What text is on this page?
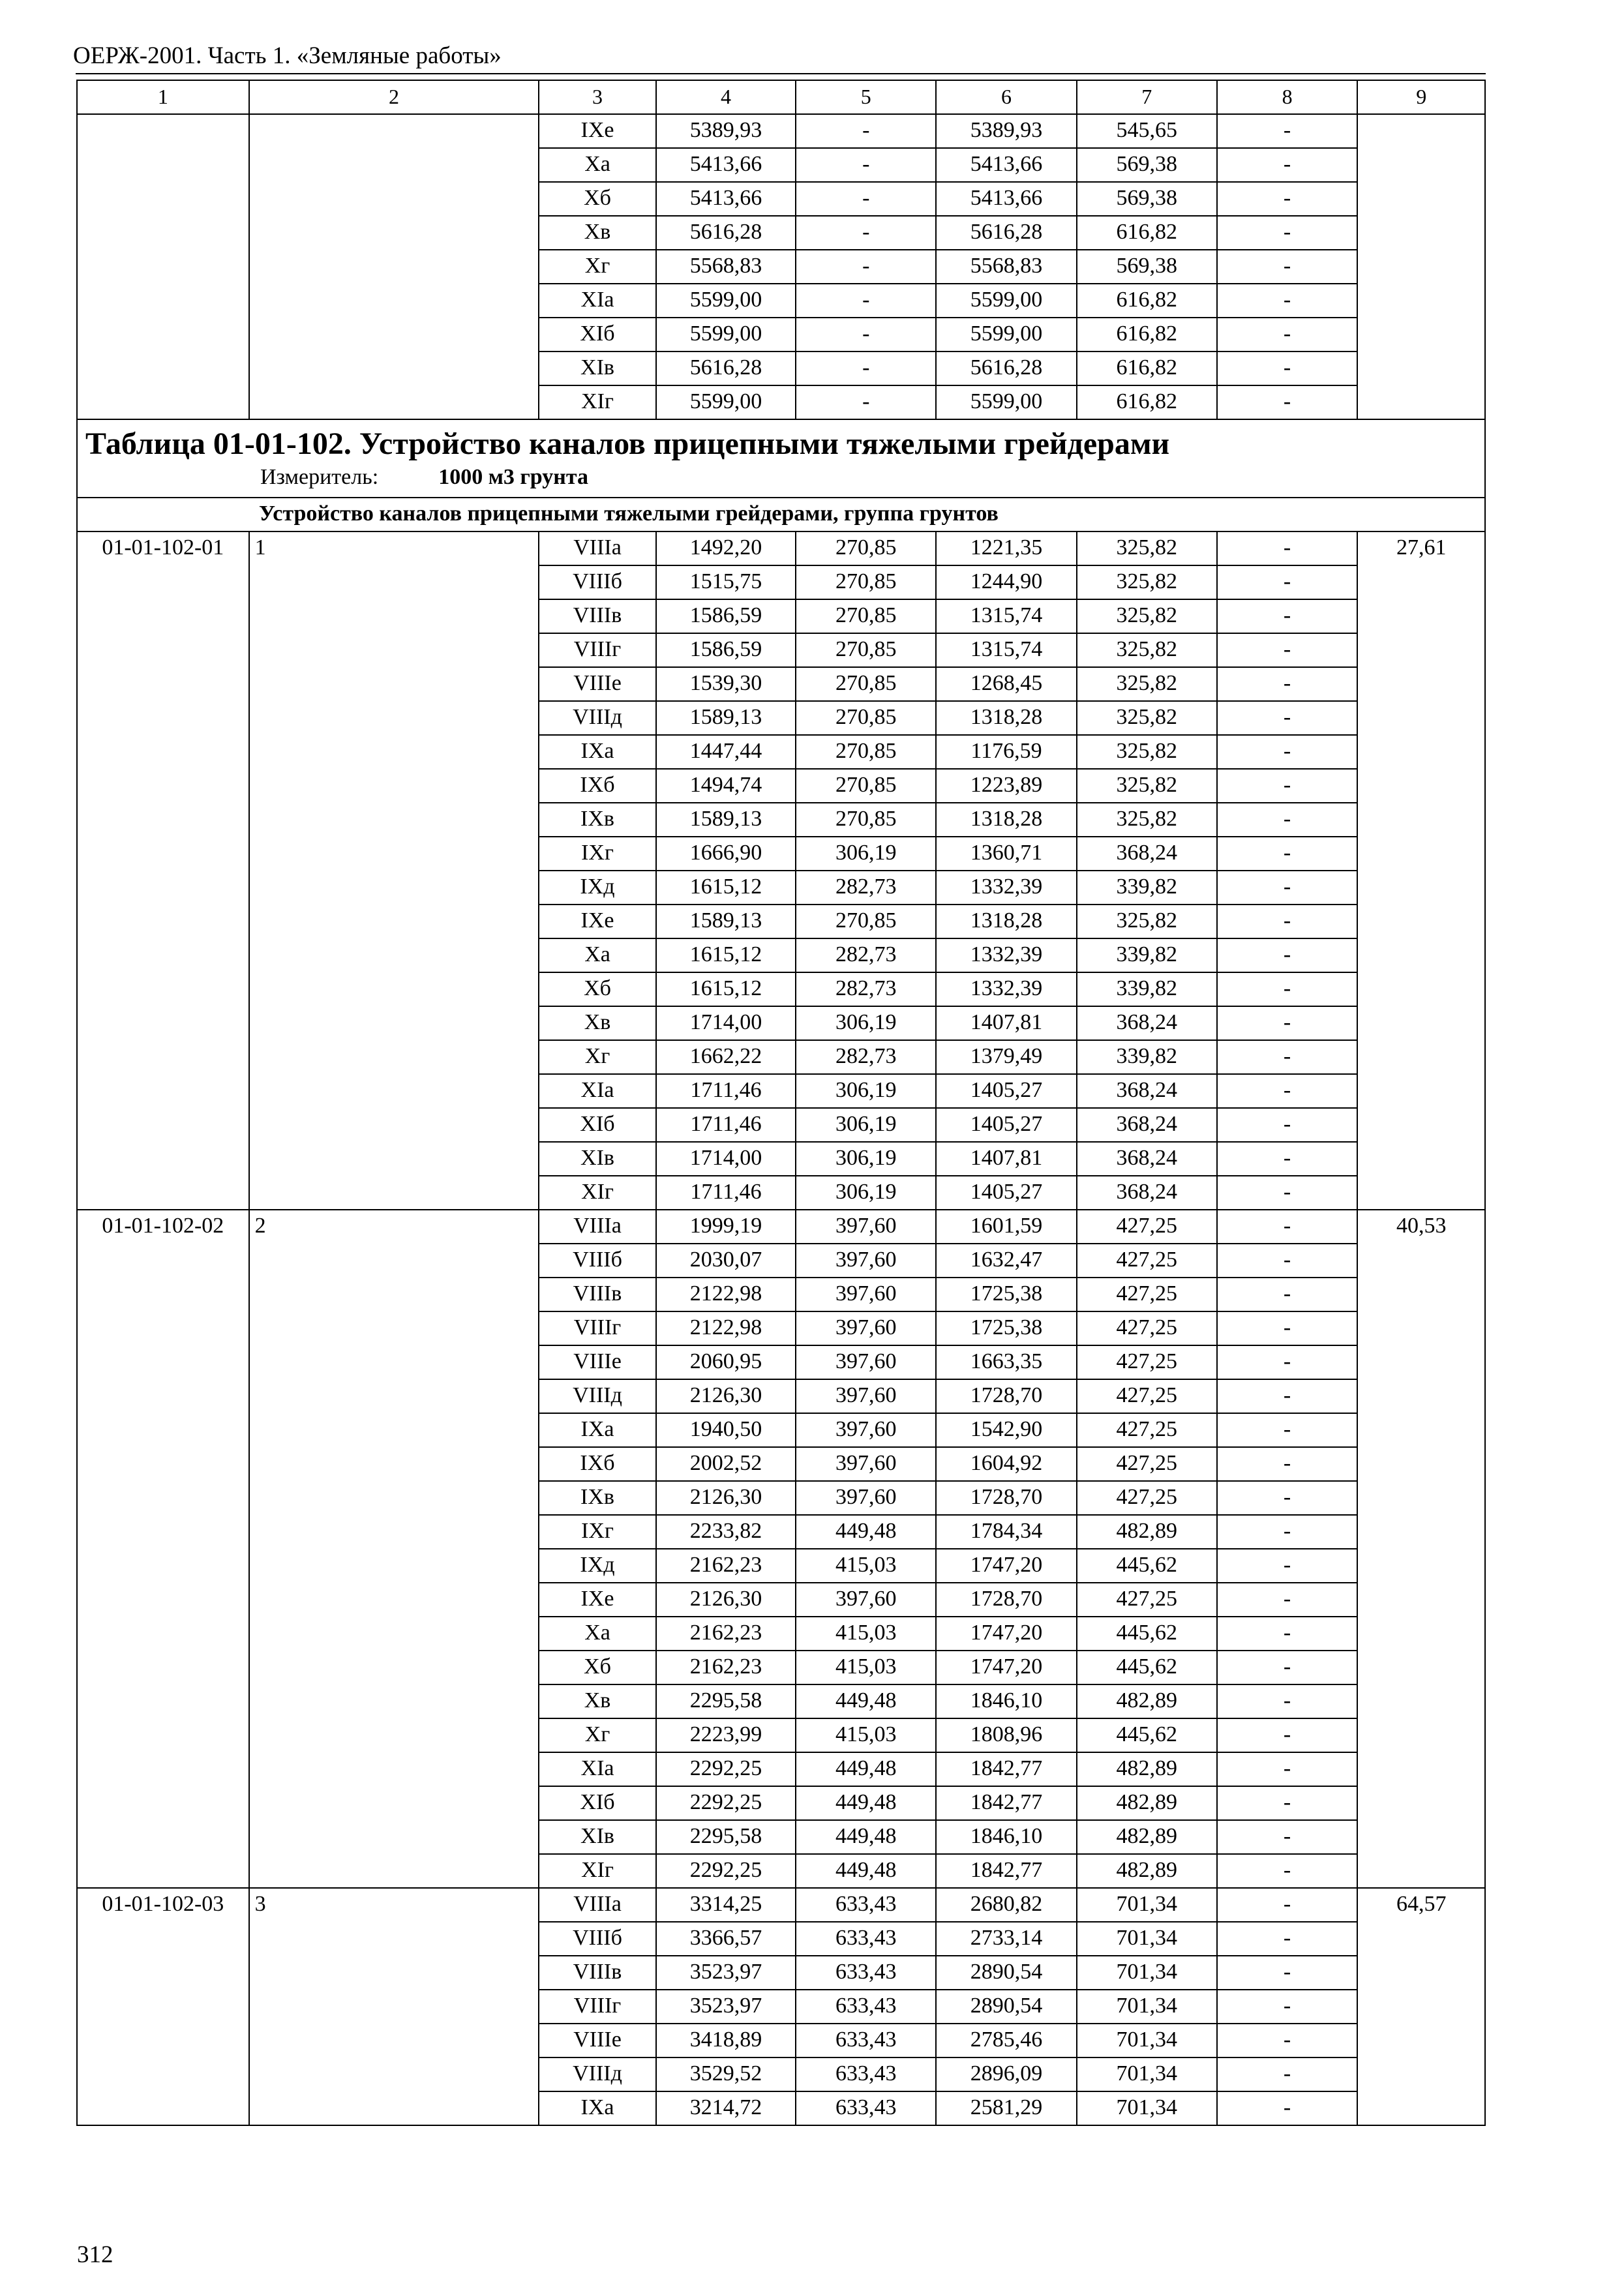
ОЕРЖ-2001. Часть 1. «Земляные работы»
1	2	3	4	5	6	7	8	9
		IXe	5389,93	-	5389,93	545,65	-	
		Xa	5413,66	-	5413,66	569,38	-	
		Xб	5413,66	-	5413,66	569,38	-	
		Xв	5616,28	-	5616,28	616,82	-	
		Xг	5568,83	-	5568,83	569,38	-	
		XIa	5599,00	-	5599,00	616,82	-	
		XIб	5599,00	-	5599,00	616,82	-	
		XIв	5616,28	-	5616,28	616,82	-	
		XIг	5599,00	-	5599,00	616,82	-	

Таблица 01-01-102. Устройство каналов прицепными тяжелыми грейдерами
Измеритель: 1000 м3 грунта								

Устройство каналов прицепными тяжелыми грейдерами, группа грунтов								
01-01-102-01	1	VIIIa	1492,20	270,85	1221,35	325,82	-	27,61
		VIIIб	1515,75	270,85	1244,90	325,82	-	
		VIIIв	1586,59	270,85	1315,74	325,82	-	
		VIIIг	1586,59	270,85	1315,74	325,82	-	
		VIIIe	1539,30	270,85	1268,45	325,82	-	
		VIIIд	1589,13	270,85	1318,28	325,82	-	
		IXa	1447,44	270,85	1176,59	325,82	-	
		IXб	1494,74	270,85	1223,89	325,82	-	
		IXв	1589,13	270,85	1318,28	325,82	-	
		IXг	1666,90	306,19	1360,71	368,24	-	
		IXд	1615,12	282,73	1332,39	339,82	-	
		IXe	1589,13	270,85	1318,28	325,82	-	
		Xa	1615,12	282,73	1332,39	339,82	-	
		Xб	1615,12	282,73	1332,39	339,82	-	
		Xв	1714,00	306,19	1407,81	368,24	-	
		Xг	1662,22	282,73	1379,49	339,82	-	
		XIa	1711,46	306,19	1405,27	368,24	-	
		XIб	1711,46	306,19	1405,27	368,24	-	
		XIв	1714,00	306,19	1407,81	368,24	-	
		XIг	1711,46	306,19	1405,27	368,24	-	
01-01-102-02	2	VIIIa	1999,19	397,60	1601,59	427,25	-	40,53
		VIIIб	2030,07	397,60	1632,47	427,25	-	
		VIIIв	2122,98	397,60	1725,38	427,25	-	
		VIIIг	2122,98	397,60	1725,38	427,25	-	
		VIIIe	2060,95	397,60	1663,35	427,25	-	
		VIIIд	2126,30	397,60	1728,70	427,25	-	
		IXa	1940,50	397,60	1542,90	427,25	-	
		IXб	2002,52	397,60	1604,92	427,25	-	
		IXв	2126,30	397,60	1728,70	427,25	-	
		IXг	2233,82	449,48	1784,34	482,89	-	
		IXд	2162,23	415,03	1747,20	445,62	-	
		IXe	2126,30	397,60	1728,70	427,25	-	
		Xa	2162,23	415,03	1747,20	445,62	-	
		Xб	2162,23	415,03	1747,20	445,62	-	
		Xв	2295,58	449,48	1846,10	482,89	-	
		Xг	2223,99	415,03	1808,96	445,62	-	
		XIa	2292,25	449,48	1842,77	482,89	-	
		XIб	2292,25	449,48	1842,77	482,89	-	
		XIв	2295,58	449,48	1846,10	482,89	-	
		XIг	2292,25	449,48	1842,77	482,89	-	
01-01-102-03	3	VIIIa	3314,25	633,43	2680,82	701,34	-	64,57
		VIIIб	3366,57	633,43	2733,14	701,34	-	
		VIIIв	3523,97	633,43	2890,54	701,34	-	
		VIIIг	3523,97	633,43	2890,54	701,34	-	
		VIIIe	3418,89	633,43	2785,46	701,34	-	
		VIIIд	3529,52	633,43	2896,09	701,34	-	
		IXa	3214,72	633,43	2581,29	701,34	-	
312
